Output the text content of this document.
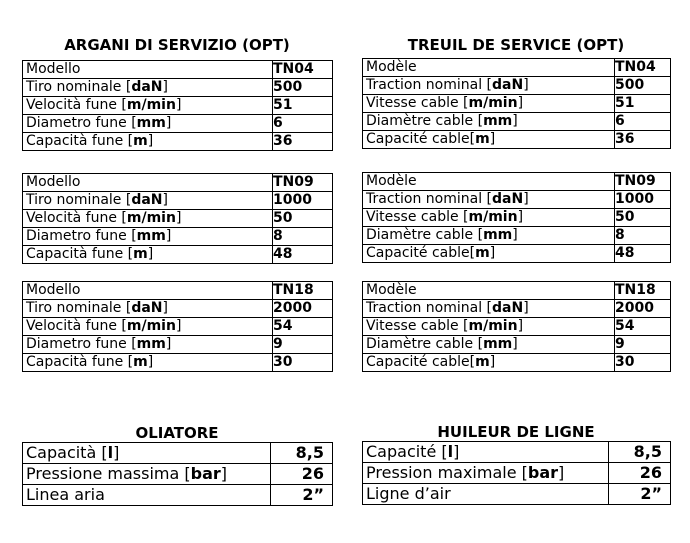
ARGANI DI SERVIZIO (OPT)	TREUIL DE SERVICE (OPT)
OLIATORE	HUILEUR DE LIGNE
Modello	TN04
Tiro nominale [daN]	500
Velocità fune [m/min]	51
Diametro fune [mm]	6
Capacità fune [m]	36
Modello	TN09
Tiro nominale [daN]	1000
Velocità fune [m/min]	50
Diametro fune [mm]	8
Capacità fune [m]	48
Modello	TN18
Tiro nominale [daN]	2000
Velocità fune [m/min]	54
Diametro fune [mm]	9
Capacità fune [m]	30
Modèle	TN04
Traction nominal [daN]	500
Vitesse cable [m/min]	51
Diamètre cable [mm]	6
Capacité cable[m]	36
Modèle	TN09
Traction nominal [daN]	1000
Vitesse cable [m/min]	50
Diamètre cable [mm]	8
Capacité cable[m]	48
Modèle	TN18
Traction nominal [daN]	2000
Vitesse cable [m/min]	54
Diamètre cable [mm]	9
Capacité cable[m]	30
Capacità [l]	8,5
Pressione massima [bar]	26
Linea aria	2”
Capacité [l]	8,5
Pression maximale [bar]	26
Ligne d’air	2”
